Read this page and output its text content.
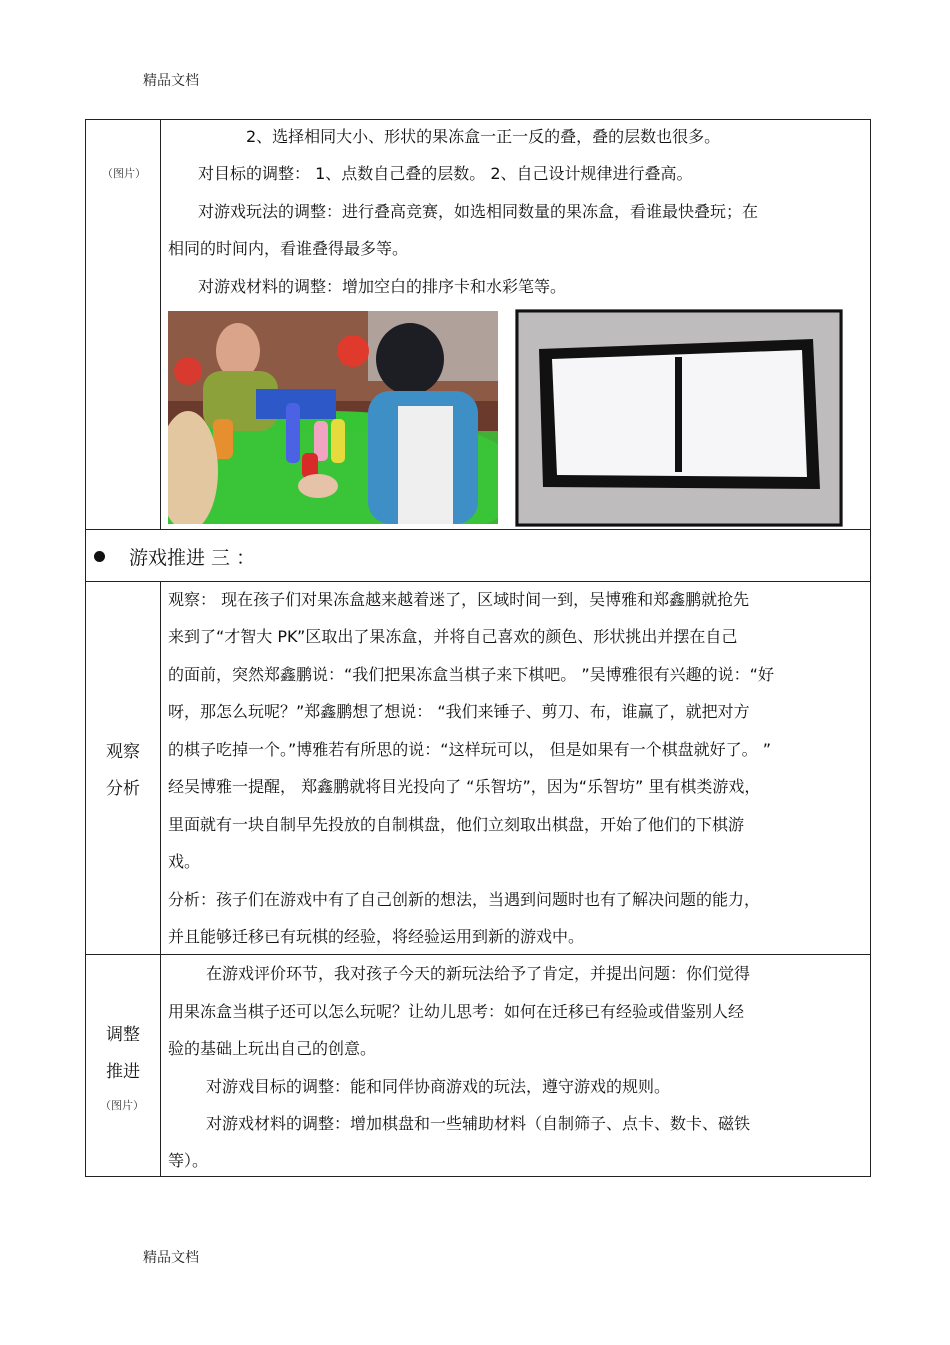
精品文档
（图片）
2、选择相同大小、形状的果冻盒一正一反的叠，叠的层数也很多。
对目标的调整： 1、点数自己叠的层数。 2、自己设计规律进行叠高。
对游戏玩法的调整：进行叠高竞赛，如选相同数量的果冻盒，看谁最快叠玩；在
相同的时间内，看谁叠得最多等。
对游戏材料的调整：增加空白的排序卡和水彩笔等。
游戏推进 三 ：
观察
分析
观察： 现在孩子们对果冻盒越来越着迷了，区域时间一到，吴博雅和郑鑫鹏就抢先
来到了“才智大 PK”区取出了果冻盒，并将自己喜欢的颜色、形状挑出并摆在自己
的面前，突然郑鑫鹏说：“我们把果冻盒当棋子来下棋吧。 ”吴博雅很有兴趣的说：“好
呀，那怎么玩呢？”郑鑫鹏想了想说： “我们来锤子、剪刀、布，谁赢了，就把对方
的棋子吃掉一个。”博雅若有所思的说：“这样玩可以， 但是如果有一个棋盘就好了。 ”
经吴博雅一提醒， 郑鑫鹏就将目光投向了 “乐智坊”，因为“乐智坊” 里有棋类游戏，
里面就有一块自制早先投放的自制棋盘，他们立刻取出棋盘，开始了他们的下棋游
戏。
分析：孩子们在游戏中有了自己创新的想法，当遇到问题时也有了解决问题的能力，
并且能够迁移已有玩棋的经验，将经验运用到新的游戏中。
调整
推进
（图片）
在游戏评价环节，我对孩子今天的新玩法给予了肯定，并提出问题：你们觉得
用果冻盒当棋子还可以怎么玩呢？让幼儿思考：如何在迁移已有经验或借鉴别人经
验的基础上玩出自己的创意。
对游戏目标的调整：能和同伴协商游戏的玩法，遵守游戏的规则。
对游戏材料的调整：增加棋盘和一些辅助材料（自制筛子、点卡、数卡、磁铁
等）。
精品文档
